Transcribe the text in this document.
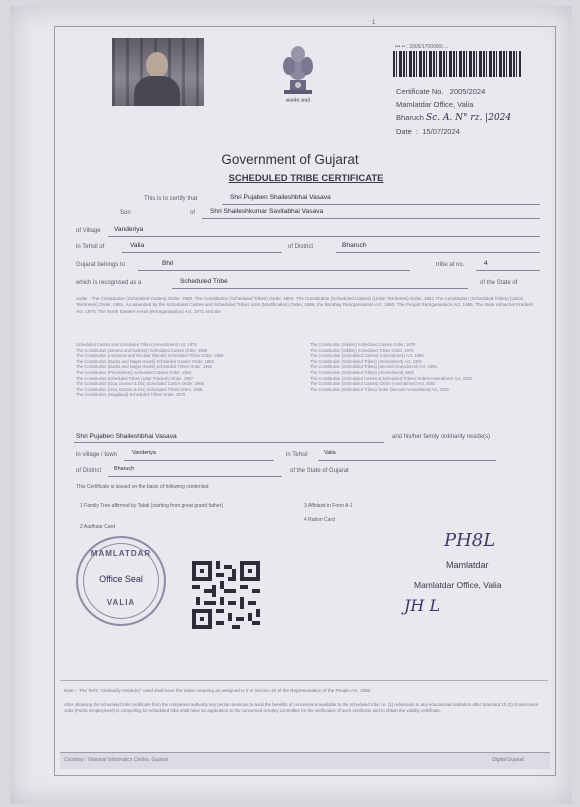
1
सत्यमेव जयते
••• •• : 2005/1700000/....
Certificate No. 2005/2024
Mamlatdar Office, Valia
Bharuch Sc. A. N° rz. |2024
Date  :  15/07/2024
Government of Gujarat
SCHEDULED TRIBE CERTIFICATE
This is to certify that	Shri Pujaben Shaileshbhai Vasava
Son	of Shri Shaileshkumar Savitabhai Vasava
of Village Vanderiya
in Tehsil of	Valia	of District	Bharuch
Gujarat belongs to	Bhil	tribe at no.	4
which is recognised as a	Scheduled Tribe	of the State of
under : The Constitution (Scheduled Castes) Order, 1950. The Constitution (Scheduled Tribes) Order, 1950. The Constitution (Scheduled Castes) (Union Territories) Order, 1951 The Constitution (Scheduled Tribes) (Union Territories) Order, 1951. As amended by the Scheduled Castes and Scheduled Tribes Lists (Modification) Order, 1956, the Bombay Reorganisation Act, 1960, The Punjab Reorganisation Act, 1966, The state Himachal Pradesh Act, 1970, The North Eastern Areas (Reorganisation) Act, 1971 and the
Scheduled Castes and Scheduled Tribes (Amendment) Act, 1976
The Constitution (Jammu and Kashmir) Scheduled Castes Order, 1956
The Constitution (Andaman and Nicobar Islands) Scheduled Tribes Order, 1959
The Constitution (Dadra and Nagar Haveli) Scheduled Castes Order, 1962
The Constitution (Dadra and Nagar Haveli) Scheduled Tribes Order, 1962
The Constitution (Pondicherry) Scheduled Castes Order, 1964
The Constitution Scheduled Tribes (Uttar Pradesh) Order, 1967
The Constitution (Goa, Daman & Diu) Scheduled Castes Order, 1968
The Constitution (Goa, Daman & Diu) Scheduled Tribes Order, 1968
The Constitution (Nagaland) Scheduled Tribes Order, 1970
The Constitution (Sikkim) Scheduled Castes Order, 1978
The Constitution (Sikkim) Scheduled Tribes Order, 1978
The Constitution (Scheduled Castes) (Amendment) Act, 1990
The Constitution (Scheduled Tribes) (Amendment) Act, 1991
The Constitution (Scheduled Tribes) (Second Amendment) Act, 1991
The Constitution (Scheduled Tribes) (Amendment) 2006
The Constitution (Scheduled Castes & Scheduled Tribes) Orders Amendment Act, 2002
The Constitution (Scheduled Castes) Order (Amendment) Act, 2002
The Constitution (Scheduled Tribes) Order (Second Amendment) Act, 2002
Shri Pujaben Shaileshbhai Vasava	and his/her family ordinarily reside(s)
in village / town	Vanderiya	in Tehsil	Valia
of District Bharuch	of the State of Gujarat
This Certificate is issued on the basis of following credential:
1 Family Tree affirmed by Talati (starting from great grand father)
2 Aadhaar Card
3 Affidavit in Form A-1
4 Ration Card
MAMLATDAR
Office Seal
VALIA
PH8L
Mamlatdar
Mamlatdar Office, Valia
JH L
Note :- The Term "Ordinarily reside(s)" used shall have the same meaning as assigned to it in Section 20 of the Representation of the People Act, 1950.
After obtaining the scheduled tribe certificate from the competent authority any person desirous to avail the benefits of concessions available to the scheduled tribe i.e. (1) Admission to any educational institution after Standard 10 (2) Government Jobs (Public Employment) is compelling for scheduled tribe shall have an application to the concerned scrutiny committee for the verification of such certificate and to obtain the validity certificate.
Courtesy : National Informatics Centre, Gujarat	Digital Gujarat
